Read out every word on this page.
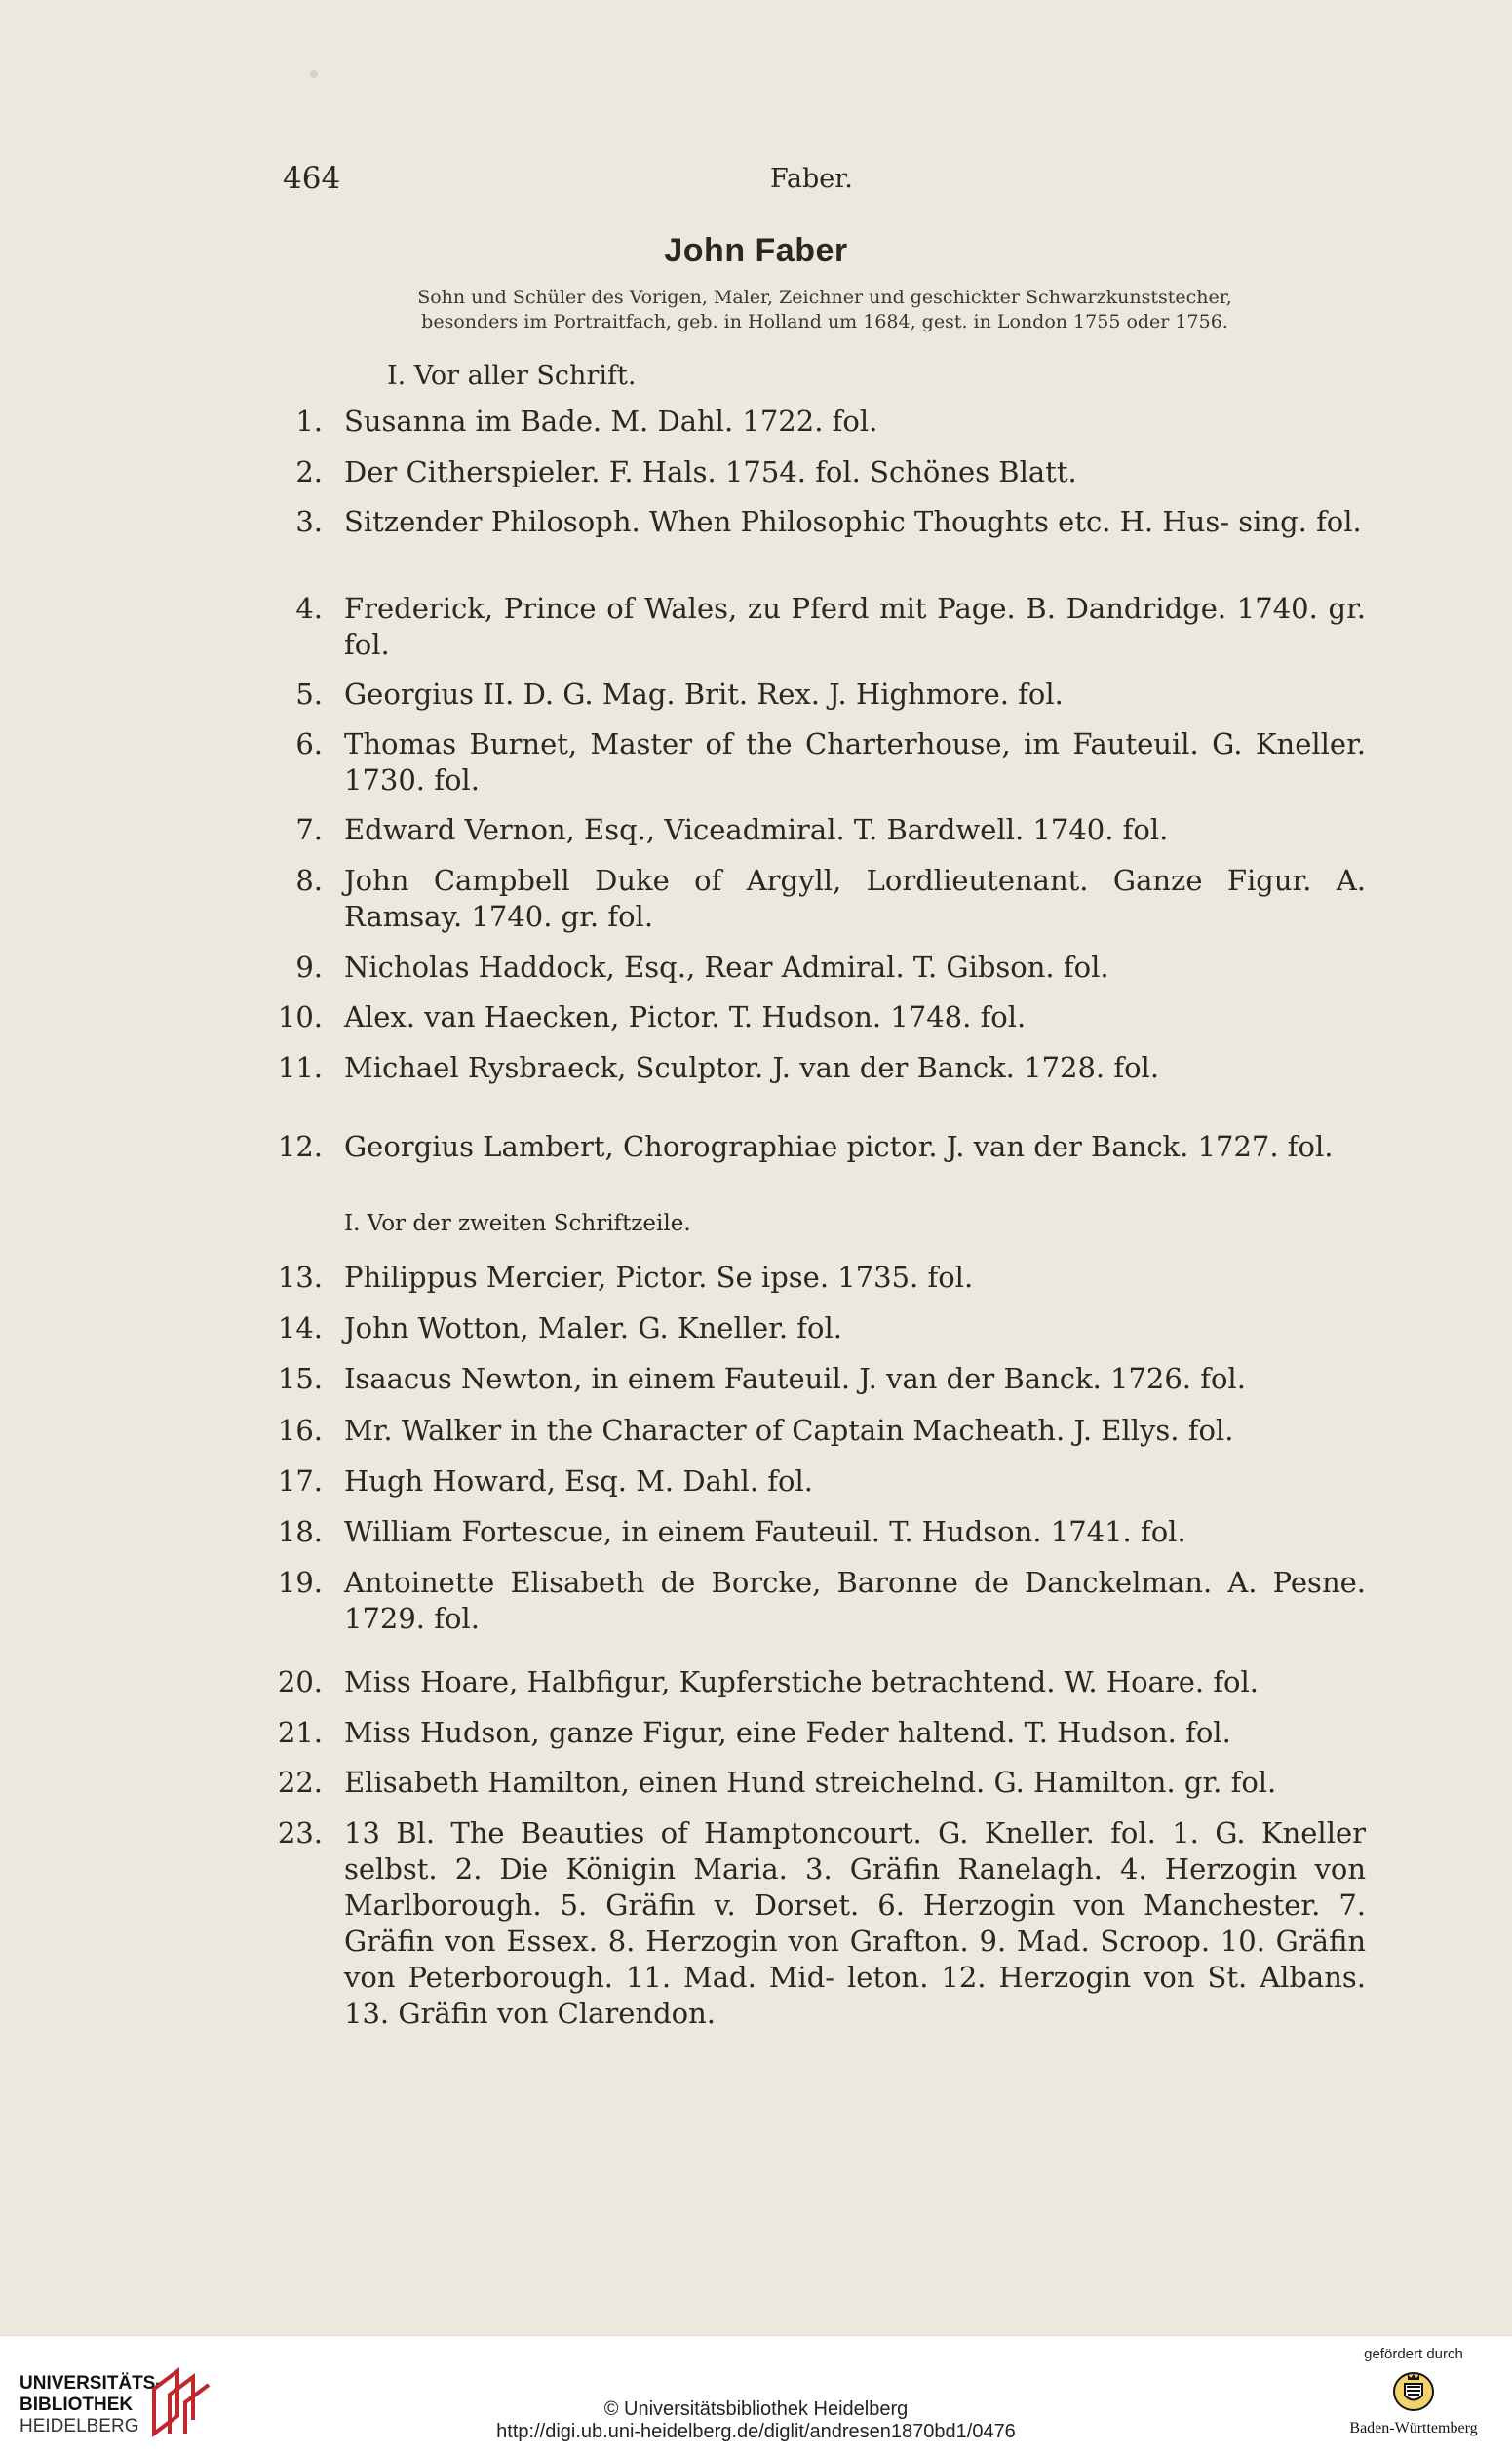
464	Faber.
John Faber
Sohn und Schüler des Vorigen, Maler, Zeichner und geschickter Schwarzkunststecher,
besonders im Portraitfach, geb. in Holland um 1684, gest. in London 1755 oder 1756.
I. Vor aller Schrift.
I. Vor der zweiten Schriftzeile.
1. Susanna im Bade. M. Dahl. 1722. fol.
2. Der Citherspieler. F. Hals. 1754. fol. Schönes Blatt.
3. Sitzender Philosoph. When Philosophic Thoughts etc. H. Hus- sing. fol.
4. Frederick, Prince of Wales, zu Pferd mit Page. B. Dandridge. 1740. gr. fol.
5. Georgius II. D. G. Mag. Brit. Rex. J. Highmore. fol.
6. Thomas Burnet, Master of the Charterhouse, im Fauteuil. G. Kneller. 1730. fol.
7. Edward Vernon, Esq., Viceadmiral. T. Bardwell. 1740. fol.
8. John Campbell Duke of Argyll, Lordlieutenant. Ganze Figur. A. Ramsay. 1740. gr. fol.
9. Nicholas Haddock, Esq., Rear Admiral. T. Gibson. fol.
10. Alex. van Haecken, Pictor. T. Hudson. 1748. fol.
11. Michael Rysbraeck, Sculptor. J. van der Banck. 1728. fol.
12. Georgius Lambert, Chorographiae pictor. J. van der Banck. 1727. fol.
13. Philippus Mercier, Pictor. Se ipse. 1735. fol.
14. John Wotton, Maler. G. Kneller. fol.
15. Isaacus Newton, in einem Fauteuil. J. van der Banck. 1726. fol.
16. Mr. Walker in the Character of Captain Macheath. J. Ellys. fol.
17. Hugh Howard, Esq. M. Dahl. fol.
18. William Fortescue, in einem Fauteuil. T. Hudson. 1741. fol.
19. Antoinette Elisabeth de Borcke, Baronne de Danckelman. A. Pesne. 1729. fol.
20. Miss Hoare, Halbfigur, Kupferstiche betrachtend. W. Hoare. fol.
21. Miss Hudson, ganze Figur, eine Feder haltend. T. Hudson. fol.
22. Elisabeth Hamilton, einen Hund streichelnd. G. Hamilton. gr. fol.
23. 13 Bl. The Beauties of Hamptoncourt. G. Kneller. fol. 1. G. Kneller selbst. 2. Die Königin Maria. 3. Gräfin Ranelagh. 4. Herzogin von Marlborough. 5. Gräfin v. Dorset. 6. Herzogin von Manchester. 7. Gräfin von Essex. 8. Herzogin von Grafton. 9. Mad. Scroop. 10. Gräfin von Peterborough. 11. Mad. Mid- leton. 12. Herzogin von St. Albans. 13. Gräfin von Clarendon.
UNIVERSITÄTS-
BIBLIOTHEK
HEIDELBERG
© Universitätsbibliothek Heidelberg
http://digi.ub.uni-heidelberg.de/diglit/andresen1870bd1/0476
gefördert durch
Baden-Württemberg
